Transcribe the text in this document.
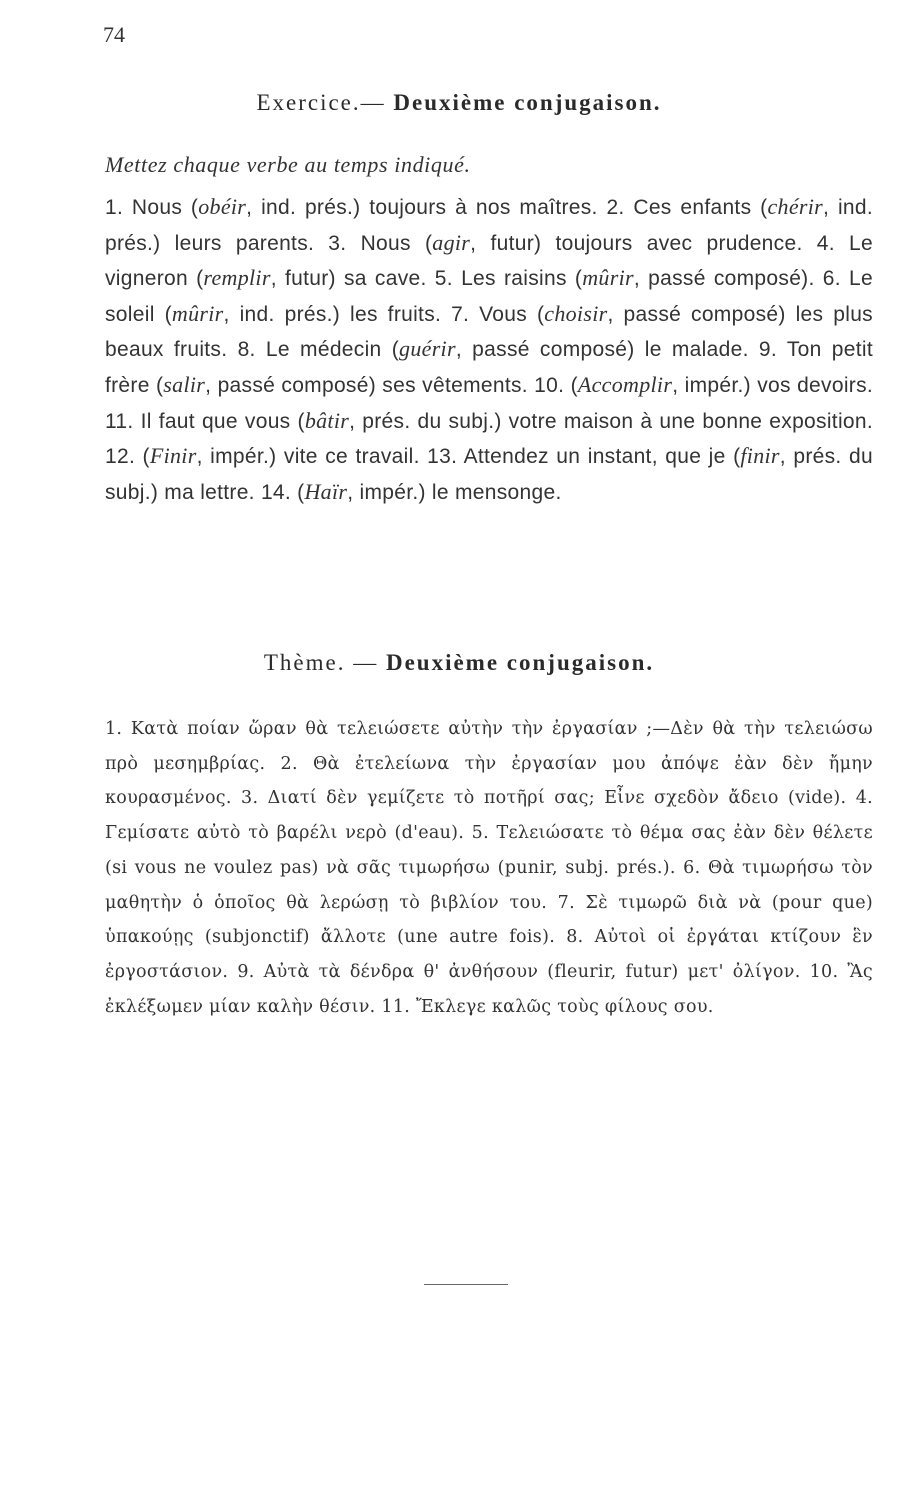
74
Exercice.— Deuxième conjugaison.
Mettez chaque verbe au temps indiqué.
1. Nous (obéir, ind. prés.) toujours à nos maîtres. 2. Ces enfants (chérir, ind. prés.) leurs parents. 3. Nous (agir, futur) toujours avec prudence. 4. Le vigneron (remplir, futur) sa cave. 5. Les raisins (mûrir, passé composé). 6. Le soleil (mûrir, ind. prés.) les fruits. 7. Vous (choisir, passé composé) les plus beaux fruits. 8. Le médecin (guérir, passé composé) le malade. 9. Ton petit frère (salir, passé composé) ses vêtements. 10. (Accomplir, impér.) vos devoirs. 11. Il faut que vous (bâtir, prés. du subj.) votre maison à une bonne exposition. 12. (Finir, impér.) vite ce travail. 13. Attendez un instant, que je (finir, prés. du subj.) ma lettre. 14. (Haïr, impér.) le mensonge.
Thème. — Deuxième conjugaison.
1. Κατὰ ποίαν ὥραν θὰ τελειώσετε αὐτὴν τὴν ἐργασίαν ;—Δὲν θὰ τὴν τελειώσω πρὸ μεσημβρίας. 2. Θὰ ἐτελείωνα τὴν ἐργασίαν μου ἀπόψε ἐὰν δὲν ἤμην κουρασμένος. 3. Διατί δὲν γεμίζετε τὸ ποτῆρί σας; Εἶνε σχεδὸν ἄδειο (vide). 4. Γεμίσατε αὐτὸ τὸ βαρέλι νερὸ (d'eau). 5. Τελειώσατε τὸ θέμα σας ἐὰν δὲν θέλετε (si vous ne voulez pas) νὰ σᾶς τιμωρήσω (punir, subj. prés.). 6. Θὰ τιμωρήσω τὸν μαθητὴν ὁ ὁποῖος θὰ λερώσῃ τὸ βιβλίον του. 7. Σὲ τιμωρῶ διὰ νὰ (pour que) ὑπακούῃς (subjonctif) ἄλλοτε (une autre fois). 8. Αὐτοὶ οἱ ἐργάται κτίζουν ἓν ἐργοστάσιον. 9. Αὐτὰ τὰ δένδρα θ' ἀνθήσουν (fleurir, futur) μετ' ὀλίγον. 10. Ἂς ἐκλέξωμεν μίαν καλὴν θέσιν. 11. Ἔκλεγε καλῶς τοὺς φίλους σου.
